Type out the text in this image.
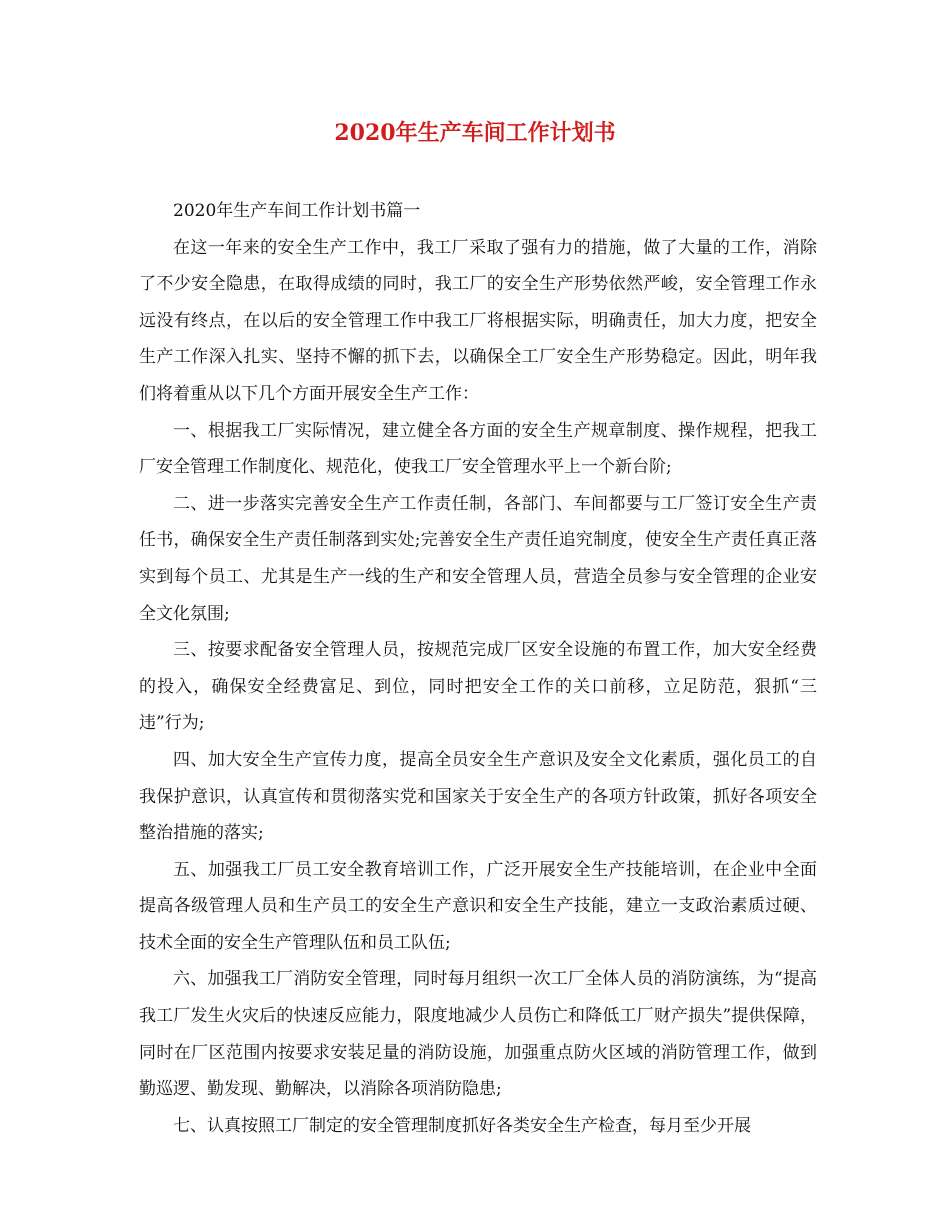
2020年生产车间工作计划书

2020年生产车间工作计划书篇一

在这一年来的安全生产工作中，我工厂采取了强有力的措施，做了大量的工作，消除了不少安全隐患，在取得成绩的同时，我工厂的安全生产形势依然严峻，安全管理工作永远没有终点，在以后的安全管理工作中我工厂将根据实际，明确责任，加大力度，把安全生产工作深入扎实、坚持不懈的抓下去，以确保全工厂安全生产形势稳定。因此，明年我们将着重从以下几个方面开展安全生产工作：

一、根据我工厂实际情况，建立健全各方面的安全生产规章制度、操作规程，把我工厂安全管理工作制度化、规范化，使我工厂安全管理水平上一个新台阶;

二、进一步落实完善安全生产工作责任制，各部门、车间都要与工厂签订安全生产责任书，确保安全生产责任制落到实处;完善安全生产责任追究制度，使安全生产责任真正落实到每个员工、尤其是生产一线的生产和安全管理人员，营造全员参与安全管理的企业安全文化氛围;

三、按要求配备安全管理人员，按规范完成厂区安全设施的布置工作，加大安全经费的投入，确保安全经费富足、到位，同时把安全工作的关口前移，立足防范，狠抓“三违”行为;

四、加大安全生产宣传力度，提高全员安全生产意识及安全文化素质，强化员工的自我保护意识，认真宣传和贯彻落实党和国家关于安全生产的各项方针政策，抓好各项安全整治措施的落实;

五、加强我工厂员工安全教育培训工作，广泛开展安全生产技能培训，在企业中全面提高各级管理人员和生产员工的安全生产意识和安全生产技能，建立一支政治素质过硬、技术全面的安全生产管理队伍和员工队伍;

六、加强我工厂消防安全管理，同时每月组织一次工厂全体人员的消防演练，为“提高我工厂发生火灾后的快速反应能力，限度地减少人员伤亡和降低工厂财产损失”提供保障，同时在厂区范围内按要求安装足量的消防设施，加强重点防火区域的消防管理工作，做到勤巡逻、勤发现、勤解决，以消除各项消防隐患;

七、认真按照工厂制定的安全管理制度抓好各类安全生产检查，每月至少开展
